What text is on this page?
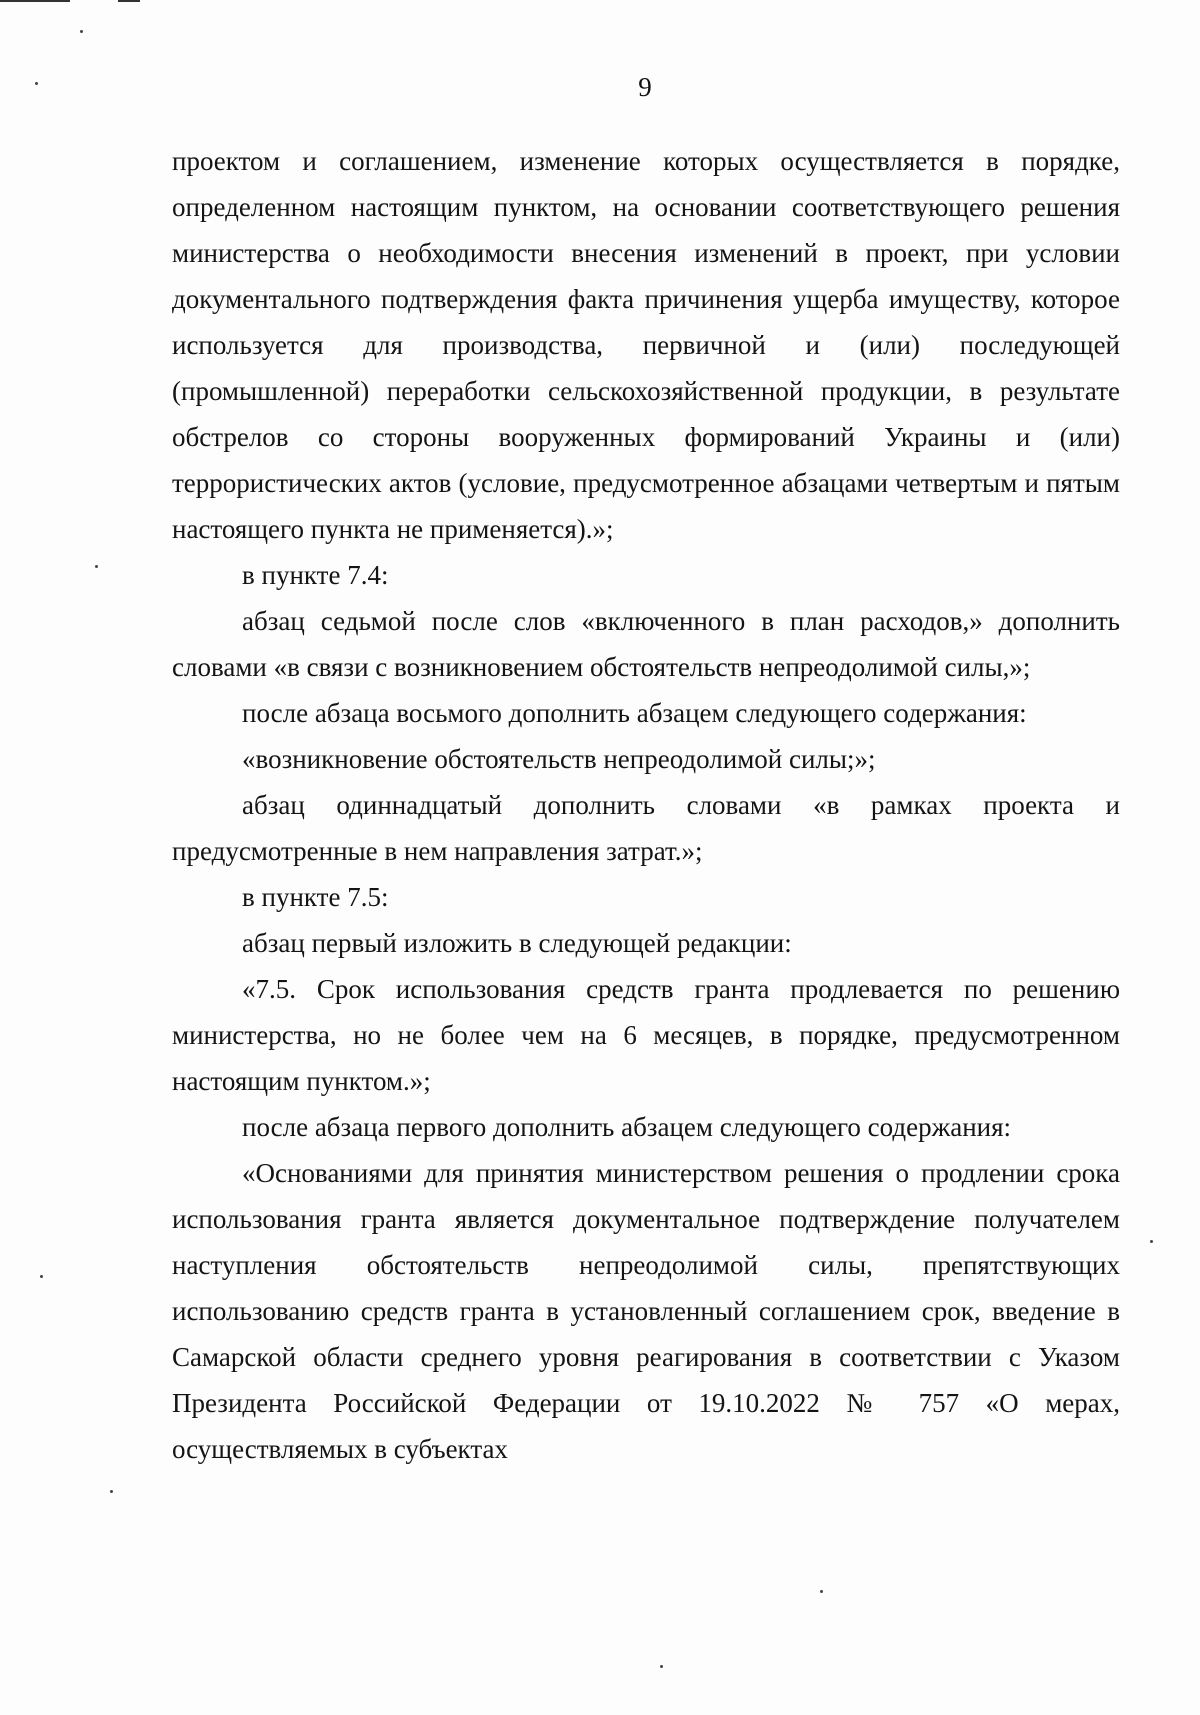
9

проектом и соглашением, изменение которых осуществляется в порядке, определенном настоящим пунктом, на основании соответствующего решения министерства о необходимости внесения изменений в проект, при условии документального подтверждения факта причинения ущерба имуществу, которое используется для производства, первичной и (или) последующей (промышленной) переработки сельскохозяйственной продукции, в результате обстрелов со стороны вооруженных формирований Украины и (или) террористических актов (условие, предусмотренное абзацами четвертым и пятым настоящего пункта не применяется).»;

в пункте 7.4:

абзац седьмой после слов «включенного в план расходов,» дополнить словами «в связи с возникновением обстоятельств непреодолимой силы,»;

после абзаца восьмого дополнить абзацем следующего содержания:

«возникновение обстоятельств непреодолимой силы;»;

абзац одиннадцатый дополнить словами «в рамках проекта и предусмотренные в нем направления затрат.»;

в пункте 7.5:

абзац первый изложить в следующей редакции:

«7.5. Срок использования средств гранта продлевается по решению министерства, но не более чем на 6 месяцев, в порядке, предусмотренном настоящим пунктом.»;

после абзаца первого дополнить абзацем следующего содержания:

«Основаниями для принятия министерством решения о продлении срока использования гранта является документальное подтверждение получателем наступления обстоятельств непреодолимой силы, препятствующих использованию средств гранта в установленный соглашением срок, введение в Самарской области среднего уровня реагирования в соответствии с Указом Президента Российской Федерации от 19.10.2022 № 757 «О мерах, осуществляемых в субъектах
